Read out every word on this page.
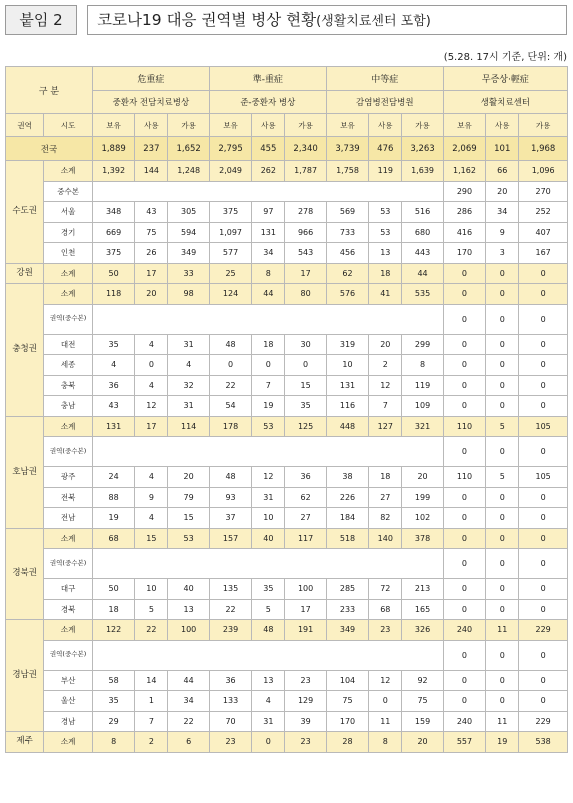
붙임 2	코로나19 대응 권역별 병상 현황(생활치료센터 포함)
(5.28. 17시 기준, 단위: 개)
구 분		危重症			準-重症			中等症			무증상·輕症		
		중환자 전담치료병상			준-중환자 병상			감염병전담병원			생활치료센터		
권역	시도	보유	사용	가용	보유	사용	가용	보유	사용	가용	보유	사용	가용
전국		1,889	237	1,652	2,795	455	2,340	3,739	476	3,263	2,069	101	1,968
수도권	소계	1,392	144	1,248	2,049	262	1,787	1,758	119	1,639	1,162	66	1,096
	중수본										290	20	270
	서울	348	43	305	375	97	278	569	53	516	286	34	252
	경기	669	75	594	1,097	131	966	733	53	680	416	9	407
	인천	375	26	349	577	34	543	456	13	443	170	3	167
강원	소계	50	17	33	25	8	17	62	18	44	0	0	0
충청권	소계	118	20	98	124	44	80	576	41	535	0	0	0
	권역(중수본)										0	0	0
	대전	35	4	31	48	18	30	319	20	299	0	0	0
	세종	4	0	4	0	0	0	10	2	8	0	0	0
	충북	36	4	32	22	7	15	131	12	119	0	0	0
	충남	43	12	31	54	19	35	116	7	109	0	0	0
호남권	소계	131	17	114	178	53	125	448	127	321	110	5	105
	권역(중수본)										0	0	0
	광주	24	4	20	48	12	36	38	18	20	110	5	105
	전북	88	9	79	93	31	62	226	27	199	0	0	0
	전남	19	4	15	37	10	27	184	82	102	0	0	0
경북권	소계	68	15	53	157	40	117	518	140	378	0	0	0
	권역(중수본)										0	0	0
	대구	50	10	40	135	35	100	285	72	213	0	0	0
	경북	18	5	13	22	5	17	233	68	165	0	0	0
경남권	소계	122	22	100	239	48	191	349	23	326	240	11	229
	권역(중수본)										0	0	0
	부산	58	14	44	36	13	23	104	12	92	0	0	0
	울산	35	1	34	133	4	129	75	0	75	0	0	0
	경남	29	7	22	70	31	39	170	11	159	240	11	229
제주	소계	8	2	6	23	0	23	28	8	20	557	19	538
